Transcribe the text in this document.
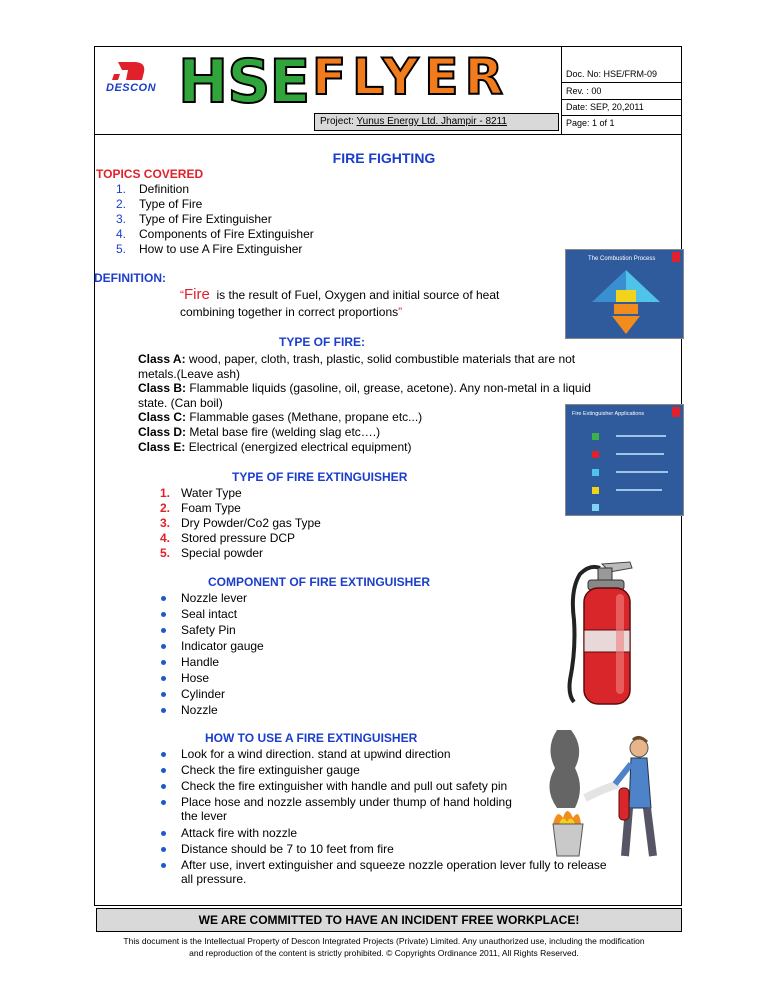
DESCON HSE FLYER
Project: Yunus Energy Ltd. Jhampir - 8211
Doc. No: HSE/FRM-09
Rev. : 00
Date: SEP, 20,2011
Page: 1 of 1
FIRE FIGHTING
TOPICS COVERED
1. Definition
2. Type of Fire
3. Type of Fire Extinguisher
4. Components of Fire Extinguisher
5. How to use A Fire Extinguisher
DEFINITION:
“Fire is the result of Fuel, Oxygen and initial source of heat
combining together in correct proportions”
The Combustion Process
TYPE OF FIRE:
Class A: wood, paper, cloth, trash, plastic, solid combustible materials that are not
metals.(Leave ash)
Class B: Flammable liquids (gasoline, oil, grease, acetone). Any non-metal in a liquid
state. (Can boil)
Class C: Flammable gases (Methane, propane etc...)
Class D: Metal base fire (welding slag etc….)
Class E: Electrical (energized electrical equipment)
Fire Extinguisher Applications
TYPE OF FIRE EXTINGUISHER
1. Water Type
2. Foam Type
3. Dry Powder/Co2 gas Type
4. Stored pressure DCP
5. Special powder
COMPONENT OF FIRE EXTINGUISHER
Nozzle lever
Seal intact
Safety Pin
Indicator gauge
Handle
Hose
Cylinder
Nozzle
HOW TO USE A FIRE EXTINGUISHER
Look for a wind direction. stand at upwind direction
Check the fire extinguisher gauge
Check the fire extinguisher with handle and pull out safety pin
Place hose and nozzle assembly under thump of hand holding
the lever
Attack fire with nozzle
Distance should be 7 to 10 feet from fire
After use, invert extinguisher and squeeze nozzle operation lever fully to release
all pressure.
WE ARE COMMITTED TO HAVE AN INCIDENT FREE WORKPLACE!
This document is the Intellectual Property of Descon Integrated Projects (Private) Limited. Any unauthorized use, including the modification
and reproduction of the content is strictly prohibited. © Copyrights Ordinance 2011, All Rights Reserved.
